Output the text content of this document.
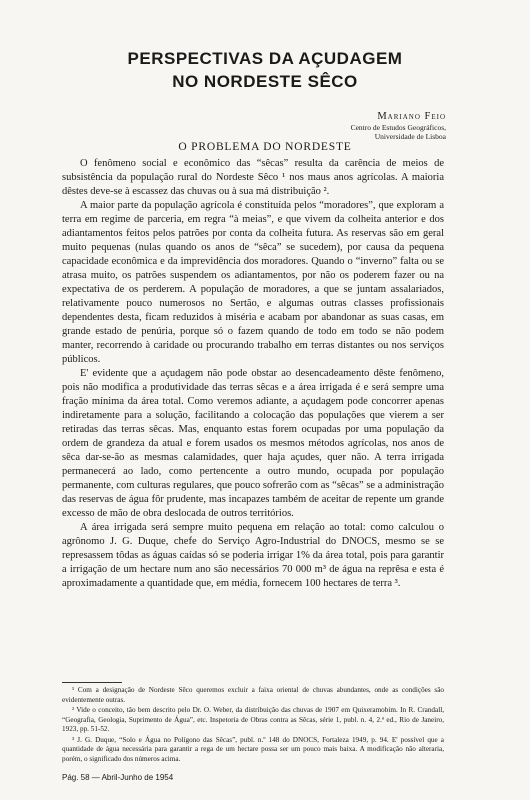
PERSPECTIVAS DA AÇUDAGEM
NO NORDESTE SÊCO
Mariano Feio
Centro de Estudos Geográficos,
Universidade de Lisboa
O PROBLEMA DO NORDESTE

O fenômeno social e econômico das “sêcas” resulta da carência de meios de subsistência da população rural do Nordeste Sêco ¹ nos maus anos agrícolas. A maioria dêstes deve-se à escassez das chuvas ou à sua má distribuição ².

A maior parte da população agrícola é constituída pelos “moradores”, que exploram a terra em regime de parceria, em regra “à meias”, e que vivem da colheita anterior e dos adiantamentos feitos pelos patrões por conta da colheita futura. As reservas são em geral muito pequenas (nulas quando os anos de “sêca” se sucedem), por causa da pequena capacidade econômica e da imprevidência dos moradores. Quando o “inverno” falta ou se atrasa muito, os patrões suspendem os adiantamentos, por não os poderem fazer ou na expectativa de os perderem. A população de moradores, a que se juntam assalariados, relativamente pouco numerosos no Sertão, e algumas outras classes profissionais dependentes desta, ficam reduzidos à miséria e acabam por abandonar as suas casas, em grande estado de penúria, porque só o fazem quando de todo em todo se não podem manter, recorrendo à caridade ou procurando trabalho em terras distantes ou nos serviços públicos.

E' evidente que a açudagem não pode obstar ao desencadeamento dêste fenômeno, pois não modifica a produtividade das terras sêcas e a área irrigada é e será sempre uma fração mínima da área total. Como veremos adiante, a açudagem pode concorrer apenas indiretamente para a solução, facilitando a colocação das populações que vierem a ser retiradas das terras sêcas. Mas, enquanto estas forem ocupadas por uma população da ordem de grandeza da atual e forem usados os mesmos métodos agrícolas, nos anos de sêca dar-se-ão as mesmas calamidades, quer haja açudes, quer não. A terra irrigada permanecerá ao lado, como pertencente a outro mundo, ocupada por população permanente, com culturas regulares, que pouco sofrerão com as “sêcas” se a administração das reservas de água fôr prudente, mas incapazes também de aceitar de repente um grande excesso de mão de obra deslocada de outros territórios.

A área irrigada será sempre muito pequena em relação ao total: como calculou o agrônomo J. G. Duque, chefe do Serviço Agro-Industrial do DNOCS, mesmo se se represassem tôdas as águas caídas só se poderia irrigar 1% da área total, pois para garantir a irrigação de um hectare num ano são necessários 70 000 m³ de água na reprêsa e esta é aproximadamente a quantidade que, em média, fornecem 100 hectares de terra ³.

¹ Com a designação de Nordeste Sêco queremos excluir a faixa oriental de chuvas abundantes, onde as condições são evidentemente outras.

² Vide o conceito, tão bem descrito pelo Dr. O. Weber, da distribuição das chuvas de 1907 em Quixeramobim. In R. Crandall, “Geografia, Geologia, Suprimento de Água”, etc. Inspetoria de Obras contra as Sêcas, série 1, publ. n. 4, 2.ª ed., Rio de Janeiro, 1923, pp. 51-52.

³ J. G. Duque, “Solo e Água no Polígono das Sêcas”, publ. n.º 148 do DNOCS, Fortaleza 1949, p. 94. E' possível que a quantidade de água necessária para garantir a rega de um hectare possa ser um pouco mais baixa. A modificação não alteraria, porém, o significado dos números acima.

Pág. 58 — Abril-Junho de 1954
